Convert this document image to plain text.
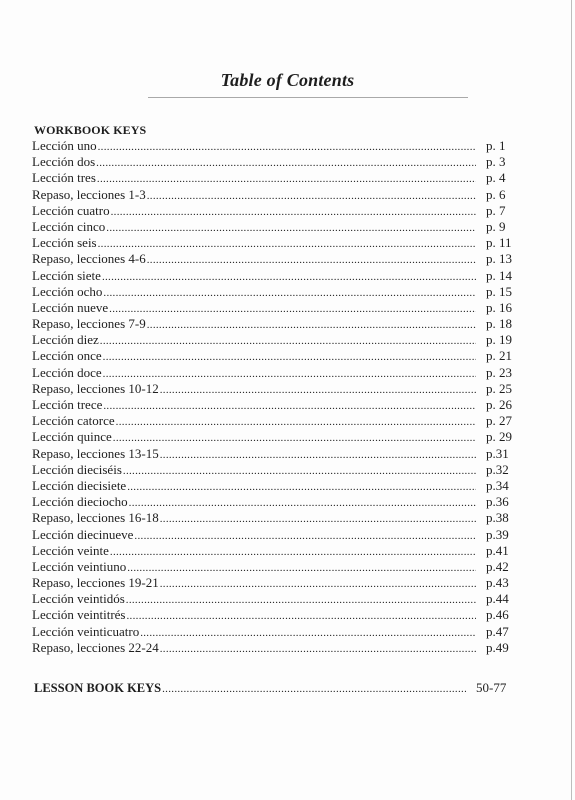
Table of Contents
WORKBOOK KEYS
Lección uno .....	p. 1
Lección dos .....	p. 3
Lección tres .....	p. 4
Repaso, lecciones 1-3 .....	p. 6
Lección cuatro .....	p. 7
Lección cinco .....	p. 9
Lección seis .....	p. 11
Repaso, lecciones 4-6 .....	p. 13
Lección siete .....	p. 14
Lección ocho .....	p. 15
Lección nueve .....	p. 16
Repaso, lecciones 7-9 .....	p. 18
Lección diez .....	p. 19
Lección once .....	p. 21
Lección doce .....	p. 23
Repaso, lecciones 10-12 .....	p. 25
Lección trece .....	p. 26
Lección catorce .....	p. 27
Lección quince .....	p. 29
Repaso, lecciones 13-15 .....	p.31
Lección dieciséis .....	p.32
Lección diecisiete .....	p.34
Lección dieciocho .....	p.36
Repaso, lecciones 16-18 .....	p.38
Lección diecinueve .....	p.39
Lección veinte .....	p.41
Lección veintiuno .....	p.42
Repaso, lecciones 19-21 .....	p.43
Lección veintidós .....	p.44
Lección veintitrés .....	p.46
Lección veinticuatro .....	p.47
Repaso, lecciones 22-24 .....	p.49
LESSON BOOK KEYS .....	50-77
